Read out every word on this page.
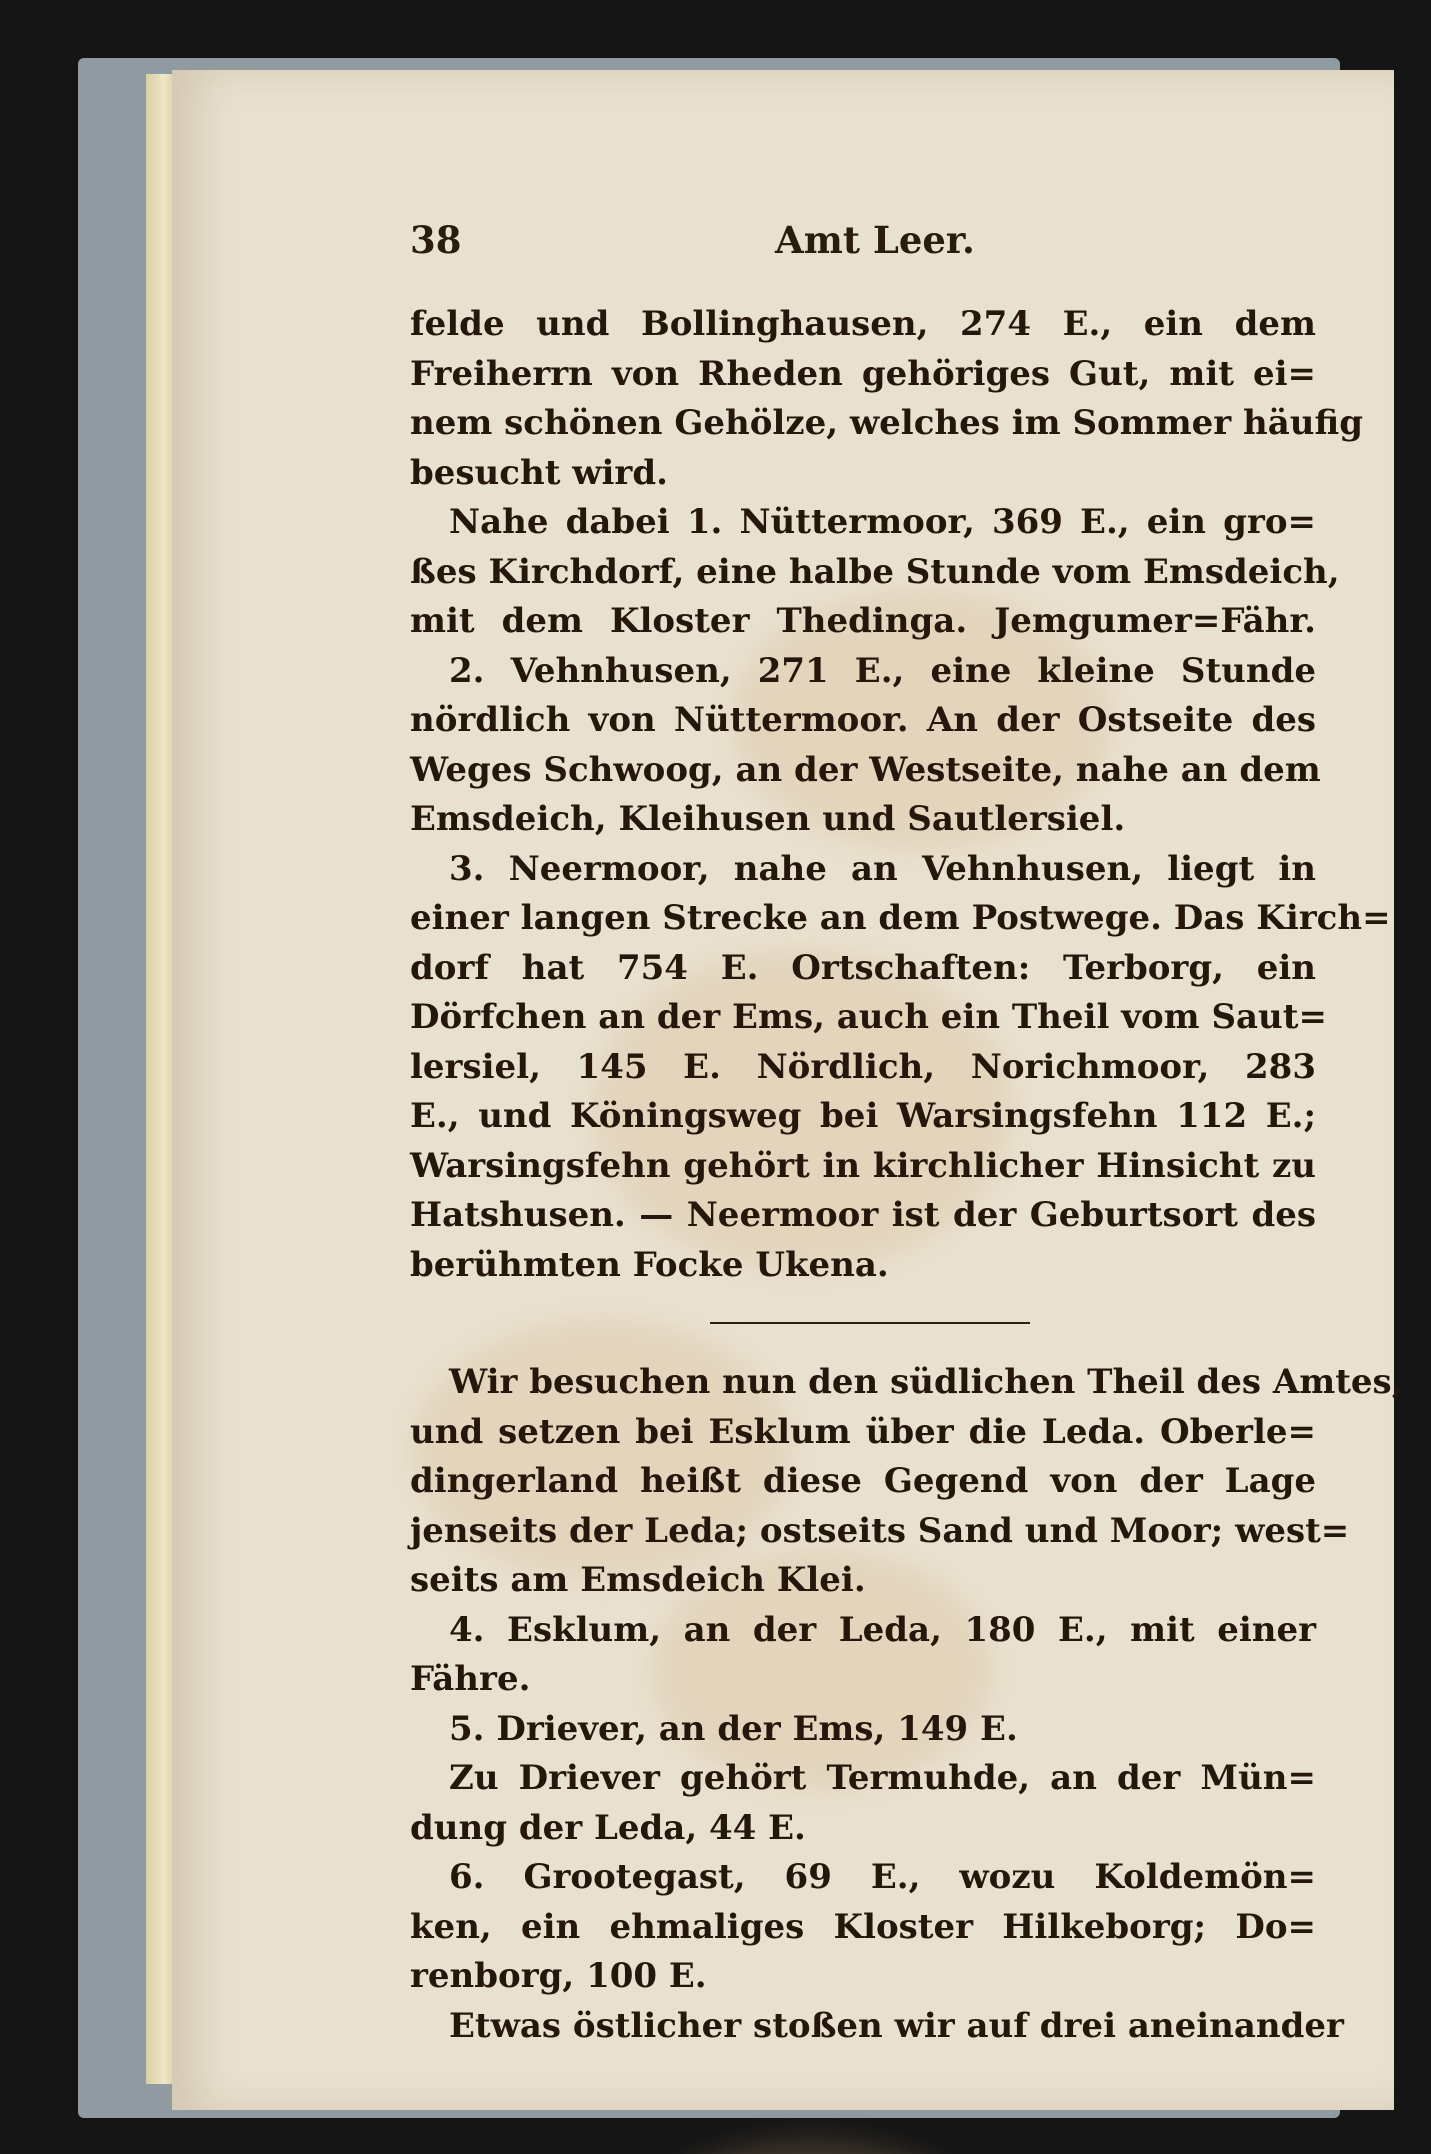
38	Amt Leer.

felde und Bollinghausen, 274 E., ein dem
Freiherrn von Rheden gehöriges Gut, mit ei=
nem schönen Gehölze, welches im Sommer häufig
besucht wird.

Nahe dabei 1. Nüttermoor, 369 E., ein gro=
ßes Kirchdorf, eine halbe Stunde vom Emsdeich,
mit dem Kloster Thedinga. Jemgumer=Fähr.

2. Vehnhusen, 271 E., eine kleine Stunde
nördlich von Nüttermoor. An der Ostseite des
Weges Schwoog, an der Westseite, nahe an dem
Emsdeich, Kleihusen und Sautlersiel.

3. Neermoor, nahe an Vehnhusen, liegt in
einer langen Strecke an dem Postwege. Das Kirch=
dorf hat 754 E. Ortschaften: Terborg, ein
Dörfchen an der Ems, auch ein Theil vom Saut=
lersiel, 145 E. Nördlich, Norichmoor, 283
E., und Köningsweg bei Warsingsfehn 112 E.;
Warsingsfehn gehört in kirchlicher Hinsicht zu
Hatshusen. — Neermoor ist der Geburtsort des
berühmten Focke Ukena.

Wir besuchen nun den südlichen Theil des Amtes,
und setzen bei Esklum über die Leda. Oberle=
dingerland heißt diese Gegend von der Lage
jenseits der Leda; ostseits Sand und Moor; west=
seits am Emsdeich Klei.

4. Esklum, an der Leda, 180 E., mit einer
Fähre.

5. Driever, an der Ems, 149 E.

Zu Driever gehört Termuhde, an der Mün=
dung der Leda, 44 E.

6. Grootegast, 69 E., wozu Koldemön=
ken, ein ehmaliges Kloster Hilkeborg; Do=
renborg, 100 E.

Etwas östlicher stoßen wir auf drei aneinander
